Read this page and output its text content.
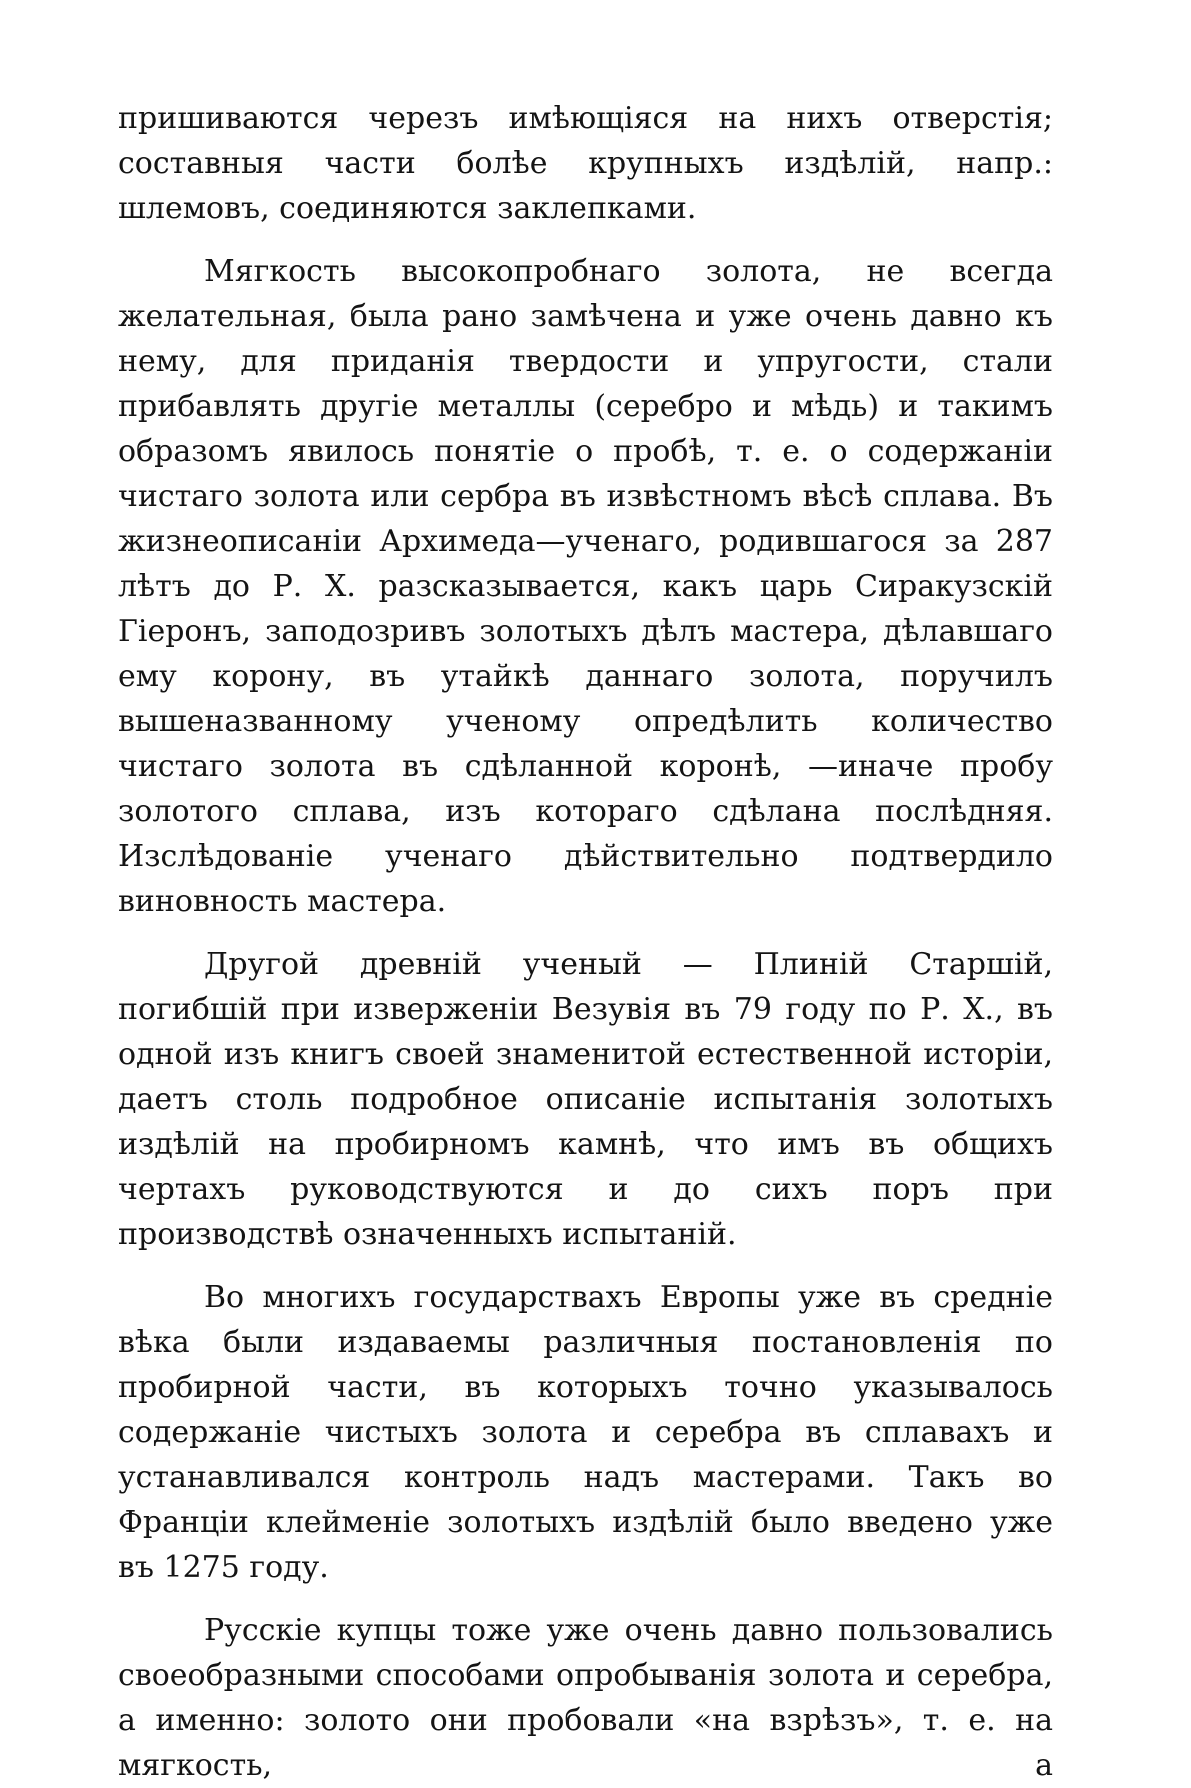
пришиваются черезъ имѣющіяся на нихъ отверстія; составныя части болѣе крупныхъ издѣлій, напр.: шлемовъ, соединяются заклепками.

Мягкость высокопробнаго золота, не всегда желательная, была рано замѣчена и уже очень давно къ нему, для приданія твердости и упругости, стали прибавлять другіе металлы (серебро и мѣдь) и такимъ образомъ явилось понятіе о пробѣ, т. е. о содержаніи чистаго золота или сербра въ извѣстномъ вѣсѣ сплава. Въ жизнеописаніи Архимеда—ученаго, родившагося за 287 лѣтъ до Р. Х. разсказывается, какъ царь Сиракузскій Гіеронъ, заподозривъ золотыхъ дѣлъ мастера, дѣлавшаго ему корону, въ утайкѣ даннаго золота, поручилъ вышеназванному ученому опредѣлить количество чистаго золота въ сдѣланной коронѣ, —иначе пробу золотого сплава, изъ котораго сдѣлана послѣдняя. Изслѣдованіе ученаго дѣйствительно подтвердило виновность мастера.

Другой древній ученый — Плиній Старшій, погибшій при изверженіи Везувія въ 79 году по Р. Х., въ одной изъ книгъ своей знаменитой естественной исторіи, даетъ столь подробное описаніе испытанія золотыхъ издѣлій на пробирномъ камнѣ, что имъ въ общихъ чертахъ руководствуются и до сихъ поръ при производствѣ означенныхъ испытаній.

Во многихъ государствахъ Европы уже въ средніе вѣка были издаваемы различныя постановленія по пробирной части, въ которыхъ точно указывалось содержаніе чистыхъ золота и серебра въ сплавахъ и устанавливался контроль надъ мастерами. Такъ во Франціи клейменіе золотыхъ издѣлій было введено уже въ 1275 году.

Русскіе купцы тоже уже очень давно пользовались своеобразными способами опробыванія золота и серебра, а именно: золото они пробовали «на взрѣзъ», т. е. на мягкость, а
